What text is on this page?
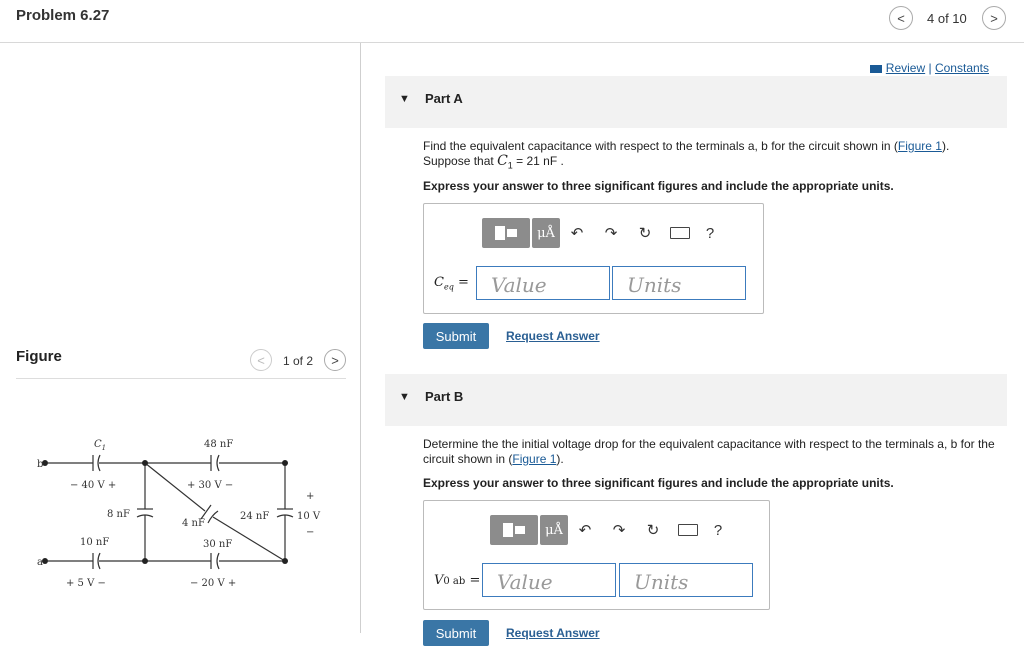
Problem 6.27	< 4 of 10 >
Figure	< 1 of 2 >
b
a
$C_1$
− 40 V +
48 nF
+ 30 V −
8 nF
4 nF
24 nF
+
10 V
−
10 nF
+ 5 V −
30 nF
− 20 V +
Review | Constants
▼ Part A
Find the equivalent capacitance with respect to the terminals a, b for the circuit shown in (Figure 1).
Suppose that $C_1 = 21$ nF .
Express your answer to three significant figures and include the appropriate units.
μÅ	↶	↷	↻	?
$C_{eq}$ =	Value	Units
Submit	Request Answer
▼ Part B
Determine the the initial voltage drop for the equivalent capacitance with respect to the terminals a, b for the
circuit shown in (Figure 1).
Express your answer to three significant figures and include the appropriate units.
μÅ	↶	↷	↻	?
V0 ab = Value	Units
Submit	Request Answer
